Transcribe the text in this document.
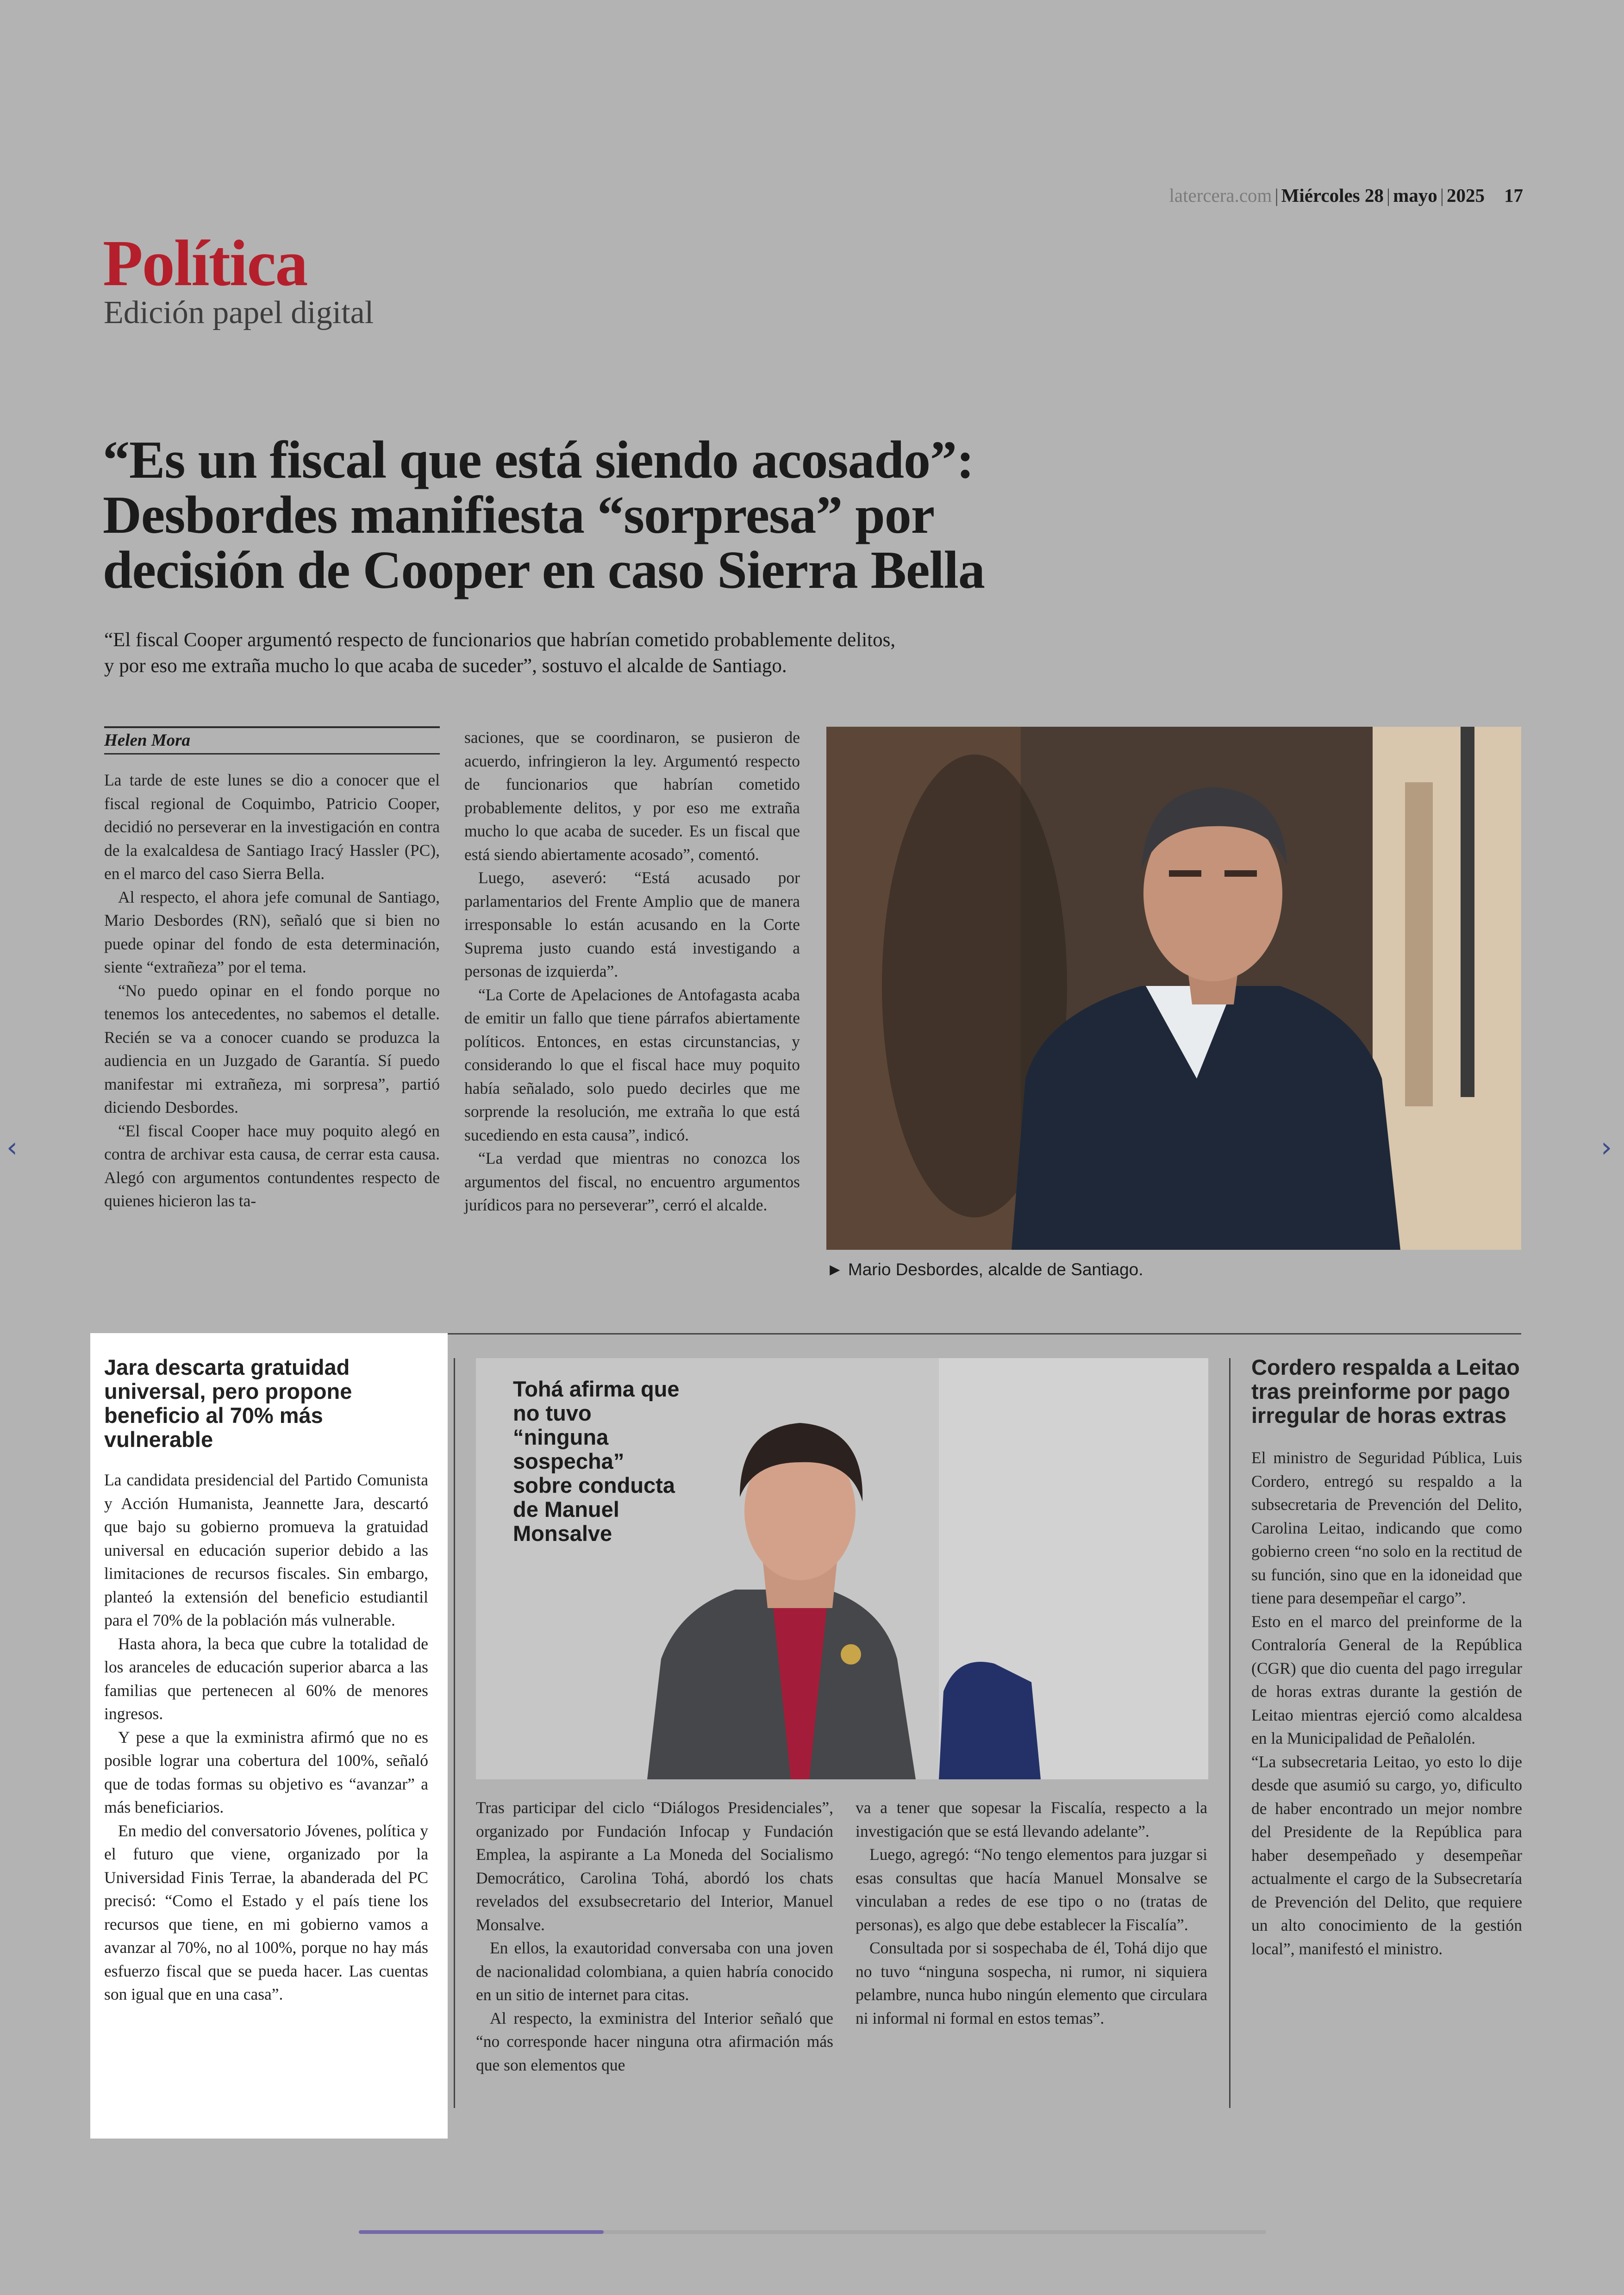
latercera.com | Miércoles 28 | mayo | 2025 17
Política
Edición papel digital
“Es un fiscal que está siendo acosado”:
Desbordes manifiesta “sorpresa” por
decisión de Cooper en caso Sierra Bella
“El fiscal Cooper argumentó respecto de funcionarios que habrían cometido probablemente delitos,
y por eso me extraña mucho lo que acaba de suceder”, sostuvo el alcalde de Santiago.
Helen Mora

La tarde de este lunes se dio a conocer que el fiscal regional de Coquimbo, Patricio Cooper, decidió no perseverar en la investigación en contra de la exalcaldesa de Santiago Iracý Hassler (PC), en el marco del caso Sierra Bella.

Al respecto, el ahora jefe comunal de Santiago, Mario Desbordes (RN), señaló que si bien no puede opinar del fondo de esta determinación, siente “extrañeza” por el tema.

“No puedo opinar en el fondo porque no tenemos los antecedentes, no sabemos el detalle. Recién se va a conocer cuando se produzca la audiencia en un Juzgado de Garantía. Sí puedo manifestar mi extrañeza, mi sorpresa”, partió diciendo Desbordes.

“El fiscal Cooper hace muy poquito alegó en contra de archivar esta causa, de cerrar esta causa. Alegó con argumentos contundentes respecto de quienes hicieron las ta-

saciones, que se coordinaron, se pusieron de acuerdo, infringieron la ley. Argumentó respecto de funcionarios que habrían cometido probablemente delitos, y por eso me extraña mucho lo que acaba de suceder. Es un fiscal que está siendo abiertamente acosado”, comentó.

Luego, aseveró: “Está acusado por parlamentarios del Frente Amplio que de manera irresponsable lo están acusando en la Corte Suprema justo cuando está investigando a personas de izquierda”.

“La Corte de Apelaciones de Antofagasta acaba de emitir un fallo que tiene párrafos abiertamente políticos. Entonces, en estas circunstancias, y considerando lo que el fiscal hace muy poquito había señalado, solo puedo decirles que me sorprende la resolución, me extraña lo que está sucediendo en esta causa”, indicó.

“La verdad que mientras no conozca los argumentos del fiscal, no encuentro argumentos jurídicos para no perseverar”, cerró el alcalde.

► Mario Desbordes, alcalde de Santiago.
Jara descarta gratuidad universal, pero propone beneficio al 70% más vulnerable

La candidata presidencial del Partido Comunista y Acción Humanista, Jeannette Jara, descartó que bajo su gobierno promueva la gratuidad universal en educación superior debido a las limitaciones de recursos fiscales. Sin embargo, planteó la extensión del beneficio estudiantil para el 70% de la población más vulnerable.

Hasta ahora, la beca que cubre la totalidad de los aranceles de educación superior abarca a las familias que pertenecen al 60% de menores ingresos.

Y pese a que la exministra afirmó que no es posible lograr una cobertura del 100%, señaló que de todas formas su objetivo es “avanzar” a más beneficiarios.

En medio del conversatorio Jóvenes, política y el futuro que viene, organizado por la Universidad Finis Terrae, la abanderada del PC precisó: “Como el Estado y el país tiene los recursos que tiene, en mi gobierno vamos a avanzar al 70%, no al 100%, porque no hay más esfuerzo fiscal que se pueda hacer. Las cuentas son igual que en una casa”.

Tohá afirma que no tuvo “ninguna sospecha” sobre conducta de Manuel Monsalve

Tras participar del ciclo “Diálogos Presidenciales”, organizado por Fundación Infocap y Fundación Emplea, la aspirante a La Moneda del Socialismo Democrático, Carolina Tohá, abordó los chats revelados del exsubsecretario del Interior, Manuel Monsalve.

En ellos, la exautoridad conversaba con una joven de nacionalidad colombiana, a quien habría conocido en un sitio de internet para citas.

Al respecto, la exministra del Interior señaló que “no corresponde hacer ninguna otra afirmación más que son elementos que

va a tener que sopesar la Fiscalía, respecto a la investigación que se está llevando adelante”.

Luego, agregó: “No tengo elementos para juzgar si esas consultas que hacía Manuel Monsalve se vinculaban a redes de ese tipo o no (tratas de personas), es algo que debe establecer la Fiscalía”.

Consultada por si sospechaba de él, Tohá dijo que no tuvo “ninguna sospecha, ni rumor, ni siquiera pelambre, nunca hubo ningún elemento que circulara ni informal ni formal en estos temas”.

Cordero respalda a Leitao tras preinforme por pago irregular de horas extras

El ministro de Seguridad Pública, Luis Cordero, entregó su respaldo a la subsecretaria de Prevención del Delito, Carolina Leitao, indicando que como gobierno creen “no solo en la rectitud de su función, sino que en la idoneidad que tiene para desempeñar el cargo”.

Esto en el marco del preinforme de la Contraloría General de la República (CGR) que dio cuenta del pago irregular de horas extras durante la gestión de Leitao mientras ejerció como alcaldesa en la Municipalidad de Peñalolén.

“La subsecretaria Leitao, yo esto lo dije desde que asumió su cargo, yo, dificulto de haber encontrado un mejor nombre del Presidente de la República para haber desempeñado y desempeñar actualmente el cargo de la Subsecretaría de Prevención del Delito, que requiere un alto conocimiento de la gestión local”, manifestó el ministro.

‹	›
